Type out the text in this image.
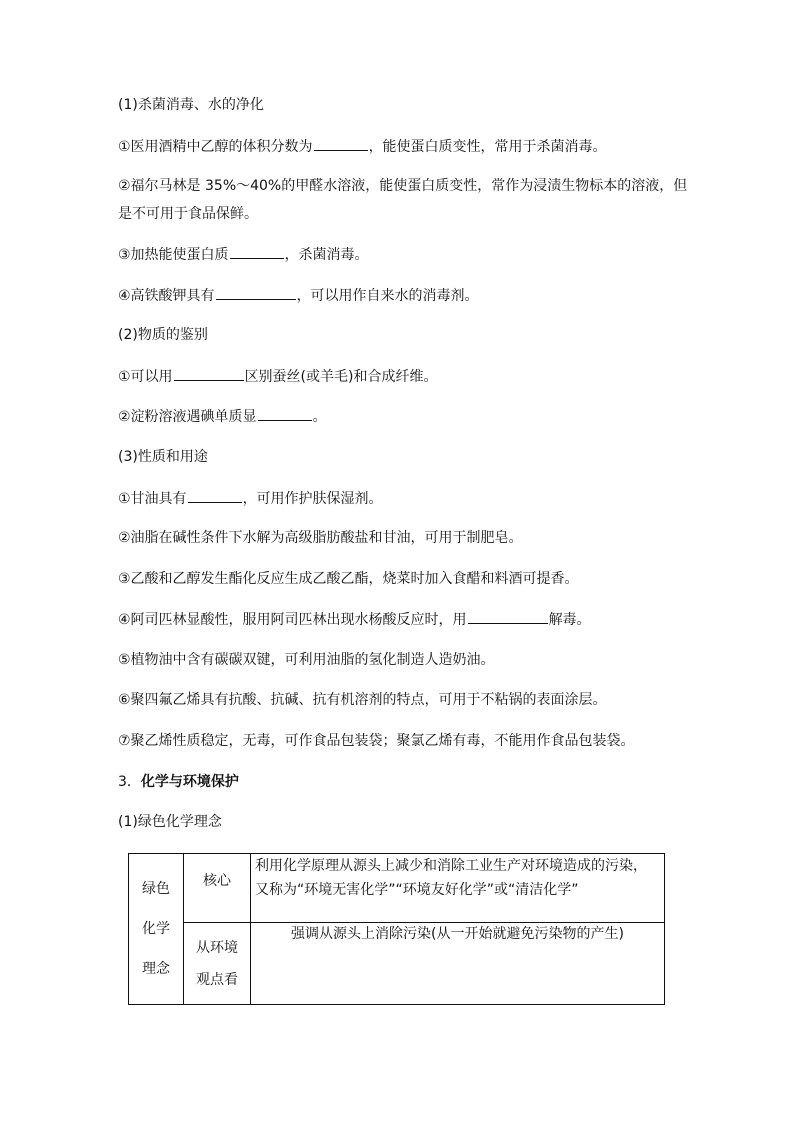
(1)杀菌消毒、水的净化
①医用酒精中乙醇的体积分数为	，能使蛋白质变性，常用于杀菌消毒。
②福尔马林是 35%～40%的甲醛水溶液，能使蛋白质变性，常作为浸渍生物标本的溶液，但
是不可用于食品保鲜。
③加热能使蛋白质	，杀菌消毒。
④高铁酸钾具有	，可以用作自来水的消毒剂。
(2)物质的鉴别
①可以用	区别蚕丝(或羊毛)和合成纤维。
②淀粉溶液遇碘单质显	。
(3)性质和用途
①甘油具有	，可用作护肤保湿剂。
②油脂在碱性条件下水解为高级脂肪酸盐和甘油，可用于制肥皂。
③乙酸和乙醇发生酯化反应生成乙酸乙酯，烧菜时加入食醋和料酒可提香。
④阿司匹林显酸性，服用阿司匹林出现水杨酸反应时，用	解毒。
⑤植物油中含有碳碳双键，可利用油脂的氢化制造人造奶油。
⑥聚四氟乙烯具有抗酸、抗碱、抗有机溶剂的特点，可用于不粘锅的表面涂层。
⑦聚乙烯性质稳定，无毒，可作食品包装袋；聚氯乙烯有毒，不能用作食品包装袋。
3．化学与环境保护
(1)绿色化学理念
绿色
化学
理念	核心	利用化学原理从源头上减少和消除工业生产对环境造成的污染，又称为“环境无害化学”“环境友好化学”或“清洁化学”

	从环境
观点看	强调从源头上消除污染(从一开始就避免污染物的产生)
